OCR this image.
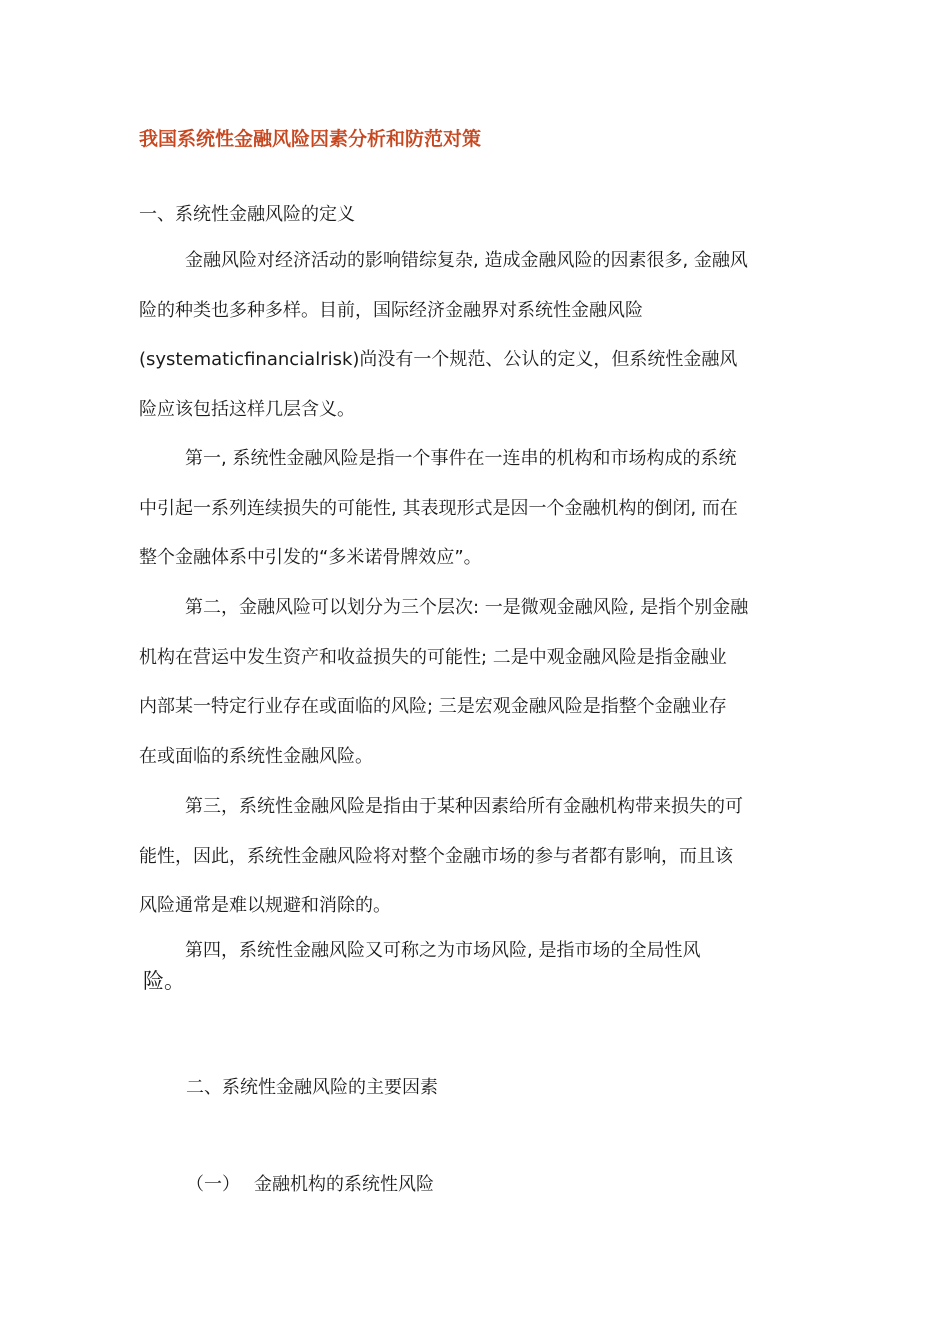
我国系统性金融风险因素分析和防范对策
一、系统性金融风险的定义
金融风险对经济活动的影响错综复杂, 造成金融风险的因素很多, 金融风
险的种类也多种多样。目前，国际经济金融界对系统性金融风险
(systematicfinancialrisk)尚没有一个规范、公认的定义，但系统性金融风
险应该包括这样几层含义。
第一, 系统性金融风险是指一个事件在一连串的机构和市场构成的系统
中引起一系列连续损失的可能性, 其表现形式是因一个金融机构的倒闭, 而在
整个金融体系中引发的“多米诺骨牌效应”。
第二，金融风险可以划分为三个层次: 一是微观金融风险, 是指个别金融
机构在营运中发生资产和收益损失的可能性; 二是中观金融风险是指金融业
内部某一特定行业存在或面临的风险; 三是宏观金融风险是指整个金融业存
在或面临的系统性金融风险。
第三，系统性金融风险是指由于某种因素给所有金融机构带来损失的可
能性，因此，系统性金融风险将对整个金融市场的参与者都有影响，而且该
风险通常是难以规避和消除的。
第四，系统性金融风险又可称之为市场风险, 是指市场的全局性风
险。
二、系统性金融风险的主要因素
（一） 金融机构的系统性风险
